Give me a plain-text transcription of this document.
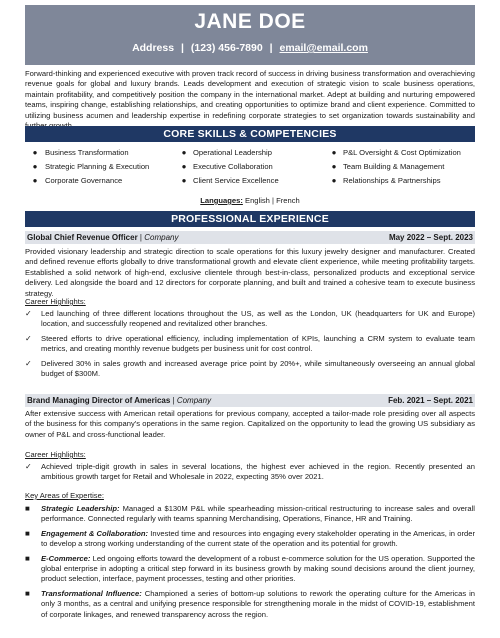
JANE DOE
Address | (123) 456-7890 | email@email.com
Forward-thinking and experienced executive with proven track record of success in driving business transformation and overachieving revenue goals for global and luxury brands. Leads development and execution of strategic vision to scale business operations, maintain profitability, and competitively position the company in the international market. Adept at building and nurturing empowered teams, inspiring change, establishing relationships, and creating opportunities to optimize brand and client experience. Committed to utilizing business acumen and leadership expertise in redefining corporate strategies to set organization towards sustainability and
CORE SKILLS & COMPETENCIES
● Business Transformation
● Strategic Planning & Execution
● Corporate Governance
● Operational Leadership
● Executive Collaboration
● Client Service Excellence
● P&L Oversight & Cost Optimization
● Team Building & Management
● Relationships & Partnerships
Languages: English | French
PROFESSIONAL EXPERIENCE
Global Chief Revenue Officer | Company	May 2022 – Sept. 2023
Provided visionary leadership and strategic direction to scale operations for this luxury jewelry designer and manufacturer. Created and defined revenue efforts globally to drive transformational growth and elevate client experience, while meeting profitability targets. Established a solid network of high-end, exclusive clientele through best-in-class, personalized products and exceptional service delivery. Led alongside the board and 12 directors for corporate planning, and built and trained a cohesive team to execute business strategy.
Career Highlights:
✓	Led launching of three different locations throughout the US, as well as the London, UK (headquarters for UK and Europe) location, and successfully reopened and revitalized other branches.
✓	Steered efforts to drive operational efficiency, including implementation of KPIs, launching a CRM system to evaluate team metrics, and creating monthly revenue budgets per business unit for cost control.
✓	Delivered 30% in sales growth and increased average price point by 20%+, while simultaneously overseeing an annual global budget of $300M.
Brand Managing Director of Americas | Company	Feb. 2021 – Sept. 2021
After extensive success with American retail operations for previous company, accepted a tailor-made role presiding over all aspects of the business for this company's operations in the same region. Capitalized on the opportunity to lead the growing US subsidiary as owner of P&L and cross-functional leader.
Career Highlights:
✓	Achieved triple-digit growth in sales in several locations, the highest ever achieved in the region. Recently presented an ambitious growth target for Retail and Wholesale in 2022, expecting 35% over 2021.
Key Areas of Expertise:
■	Strategic Leadership: Managed a $130M P&L while spearheading mission-critical restructuring to increase sales and overall performance. Connected regularly with teams spanning Merchandising, Operations, Finance, HR and Training.
■	Engagement & Collaboration: Invested time and resources into engaging every stakeholder operating in the Americas, in order to develop a strong working understanding of the current state of the operation and its potential for growth.
■	E-Commerce: Led ongoing efforts toward the development of a robust e-commerce solution for the US operation. Supported the global enterprise in adopting a critical step forward in its business growth by making sound decisions around the client journey, product selection, interface, payment processes, testing and other priorities.
■	Transformational Influence: Championed a series of bottom-up solutions to rework the operating culture for the Americas in only 3 months, as a central and unifying presence responsible for strengthening morale in the midst of COVID-19, establishment of corporate linkages, and renewed transparency across the region.
